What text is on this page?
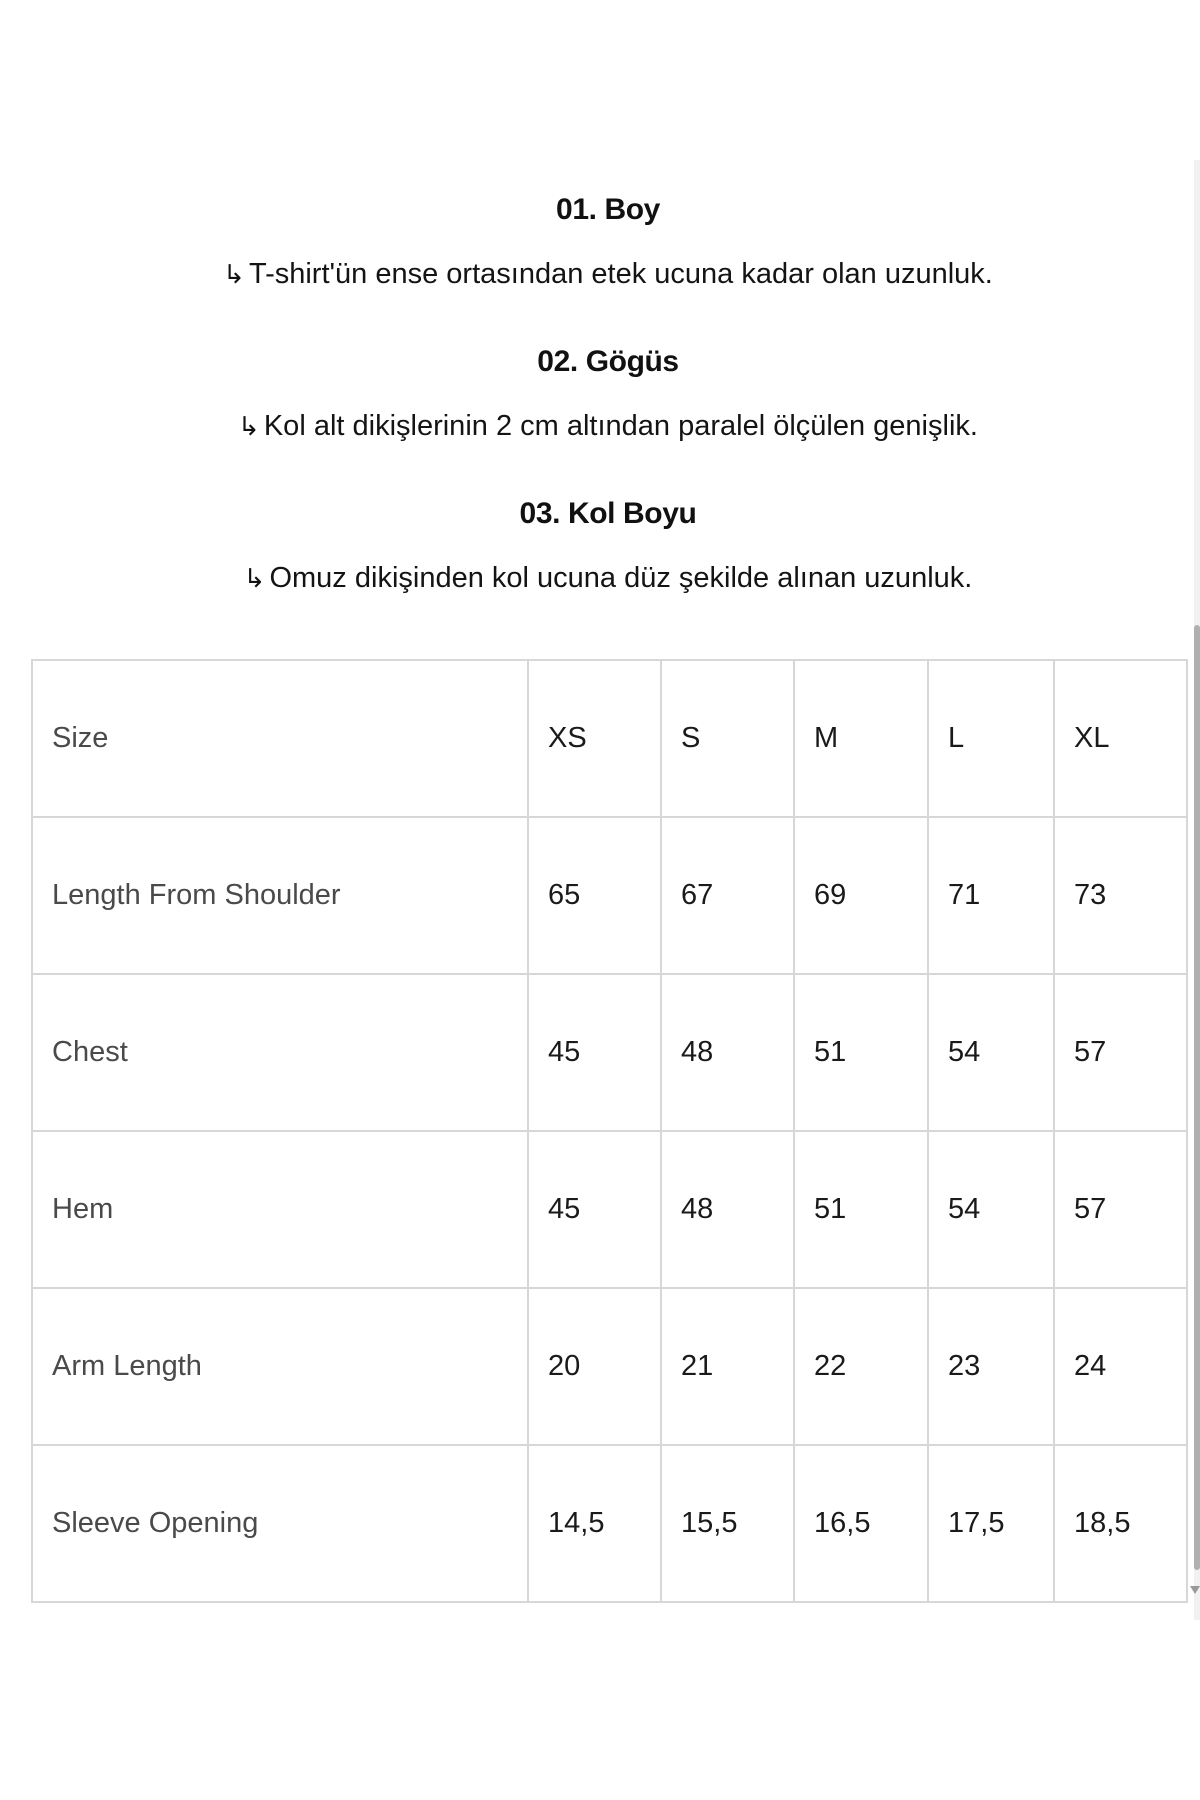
01. Boy

↳ T-shirt'ün ense ortasından etek ucuna kadar olan uzunluk.

02. Gögüs

↳ Kol alt dikişlerinin 2 cm altından paralel ölçülen genişlik.

03. Kol Boyu

↳ Omuz dikişinden kol ucuna düz şekilde alınan uzunluk.

Size	XS	S	M	L	XL
Length From Shoulder	65	67	69	71	73
Chest	45	48	51	54	57
Hem	45	48	51	54	57
Arm Length	20	21	22	23	24
Sleeve Opening	14,5	15,5	16,5	17,5	18,5
